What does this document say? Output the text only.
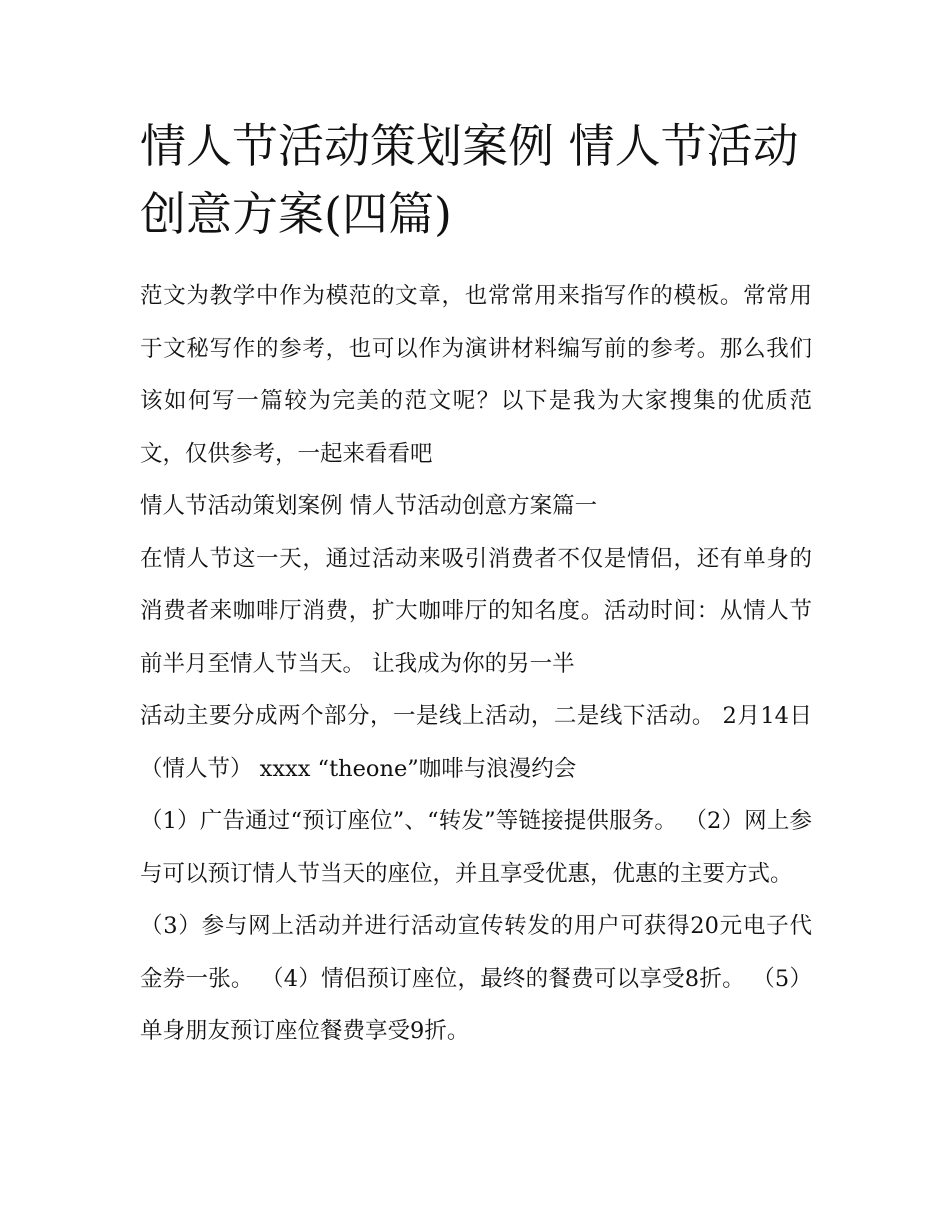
情人节活动策划案例 情人节活动创意方案(四篇)

范文为教学中作为模范的文章，也常常用来指写作的模板。常常用于文秘写作的参考，也可以作为演讲材料编写前的参考。那么我们该如何写一篇较为完美的范文呢？以下是我为大家搜集的优质范文，仅供参考，一起来看看吧

情人节活动策划案例 情人节活动创意方案篇一

在情人节这一天，通过活动来吸引消费者不仅是情侣，还有单身的消费者来咖啡厅消费，扩大咖啡厅的知名度。活动时间：从情人节前半月至情人节当天。 让我成为你的另一半

活动主要分成两个部分，一是线上活动，二是线下活动。 2月14日（情人节） xxxx “theone”咖啡与浪漫约会

（1）广告通过“预订座位”、“转发”等链接提供服务。 （2）网上参与可以预订情人节当天的座位，并且享受优惠，优惠的主要方式。

（3）参与网上活动并进行活动宣传转发的用户可获得20元电子代金券一张。 （4）情侣预订座位，最终的餐费可以享受8折。 （5）单身朋友预订座位餐费享受9折。
